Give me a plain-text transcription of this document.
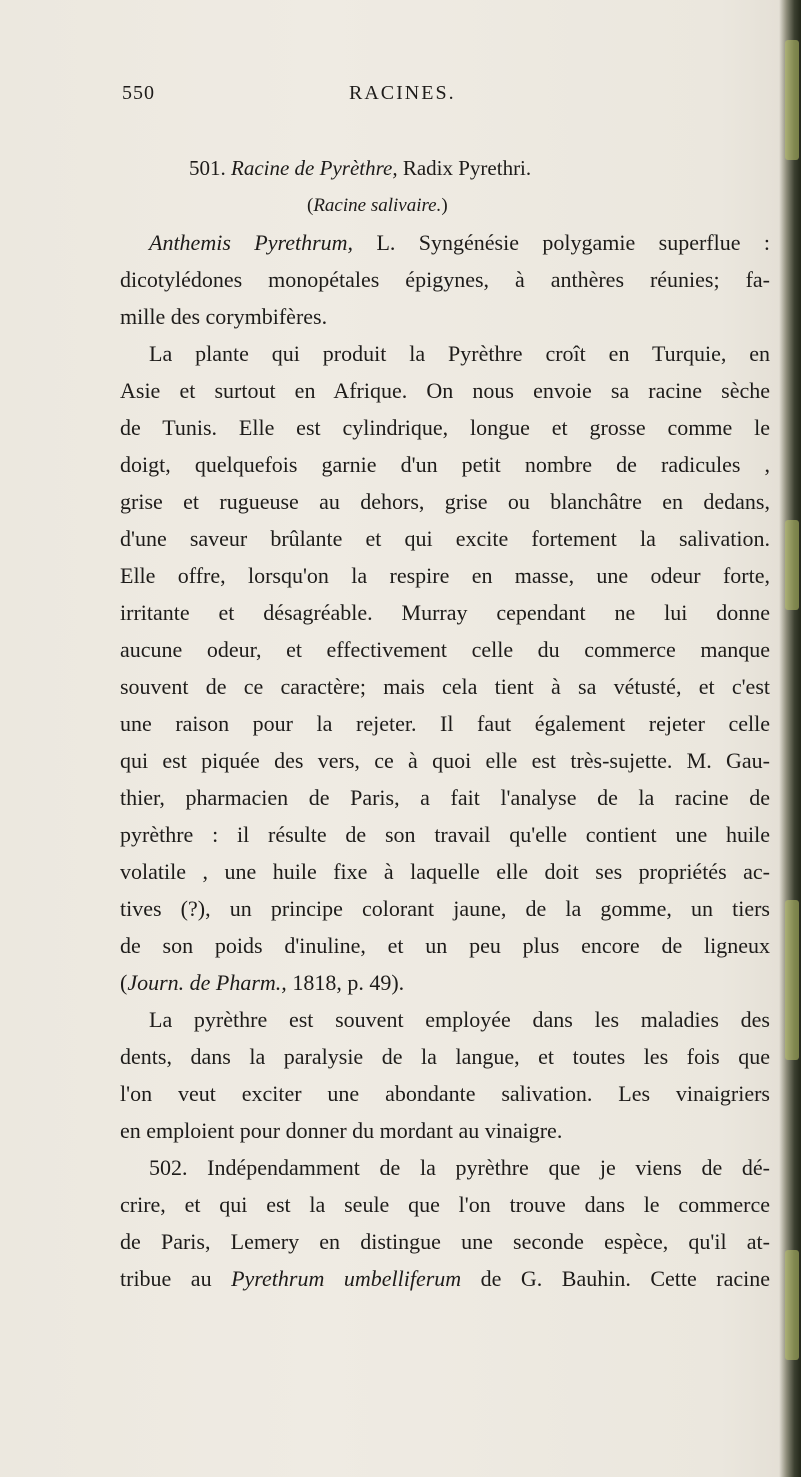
550	RACINES.
501. Racine de Pyrèthre, Radix Pyrethri.
(Racine salivaire.)
Anthemis Pyrethrum, L. Syngénésie polygamie superflue :
dicotylédones monopétales épigynes, à anthères réunies; fa-
mille des corymbifères.
La plante qui produit la Pyrèthre croît en Turquie, en
Asie et surtout en Afrique. On nous envoie sa racine sèche
de Tunis. Elle est cylindrique, longue et grosse comme le
doigt, quelquefois garnie d'un petit nombre de radicules ,
grise et rugueuse au dehors, grise ou blanchâtre en dedans,
d'une saveur brûlante et qui excite fortement la salivation.
Elle offre, lorsqu'on la respire en masse, une odeur forte,
irritante et désagréable. Murray cependant ne lui donne
aucune odeur, et effectivement celle du commerce manque
souvent de ce caractère; mais cela tient à sa vétusté, et c'est
une raison pour la rejeter. Il faut également rejeter celle
qui est piquée des vers, ce à quoi elle est très-sujette. M. Gau-
thier, pharmacien de Paris, a fait l'analyse de la racine de
pyrèthre : il résulte de son travail qu'elle contient une huile
volatile , une huile fixe à laquelle elle doit ses propriétés ac-
tives (?), un principe colorant jaune, de la gomme, un tiers
de son poids d'inuline, et un peu plus encore de ligneux
(Journ. de Pharm., 1818, p. 49).
La pyrèthre est souvent employée dans les maladies des
dents, dans la paralysie de la langue, et toutes les fois que
l'on veut exciter une abondante salivation. Les vinaigriers
en emploient pour donner du mordant au vinaigre.
502. Indépendamment de la pyrèthre que je viens de dé-
crire, et qui est la seule que l'on trouve dans le commerce
de Paris, Lemery en distingue une seconde espèce, qu'il at-
tribue au Pyrethrum umbelliferum de G. Bauhin. Cette racine
